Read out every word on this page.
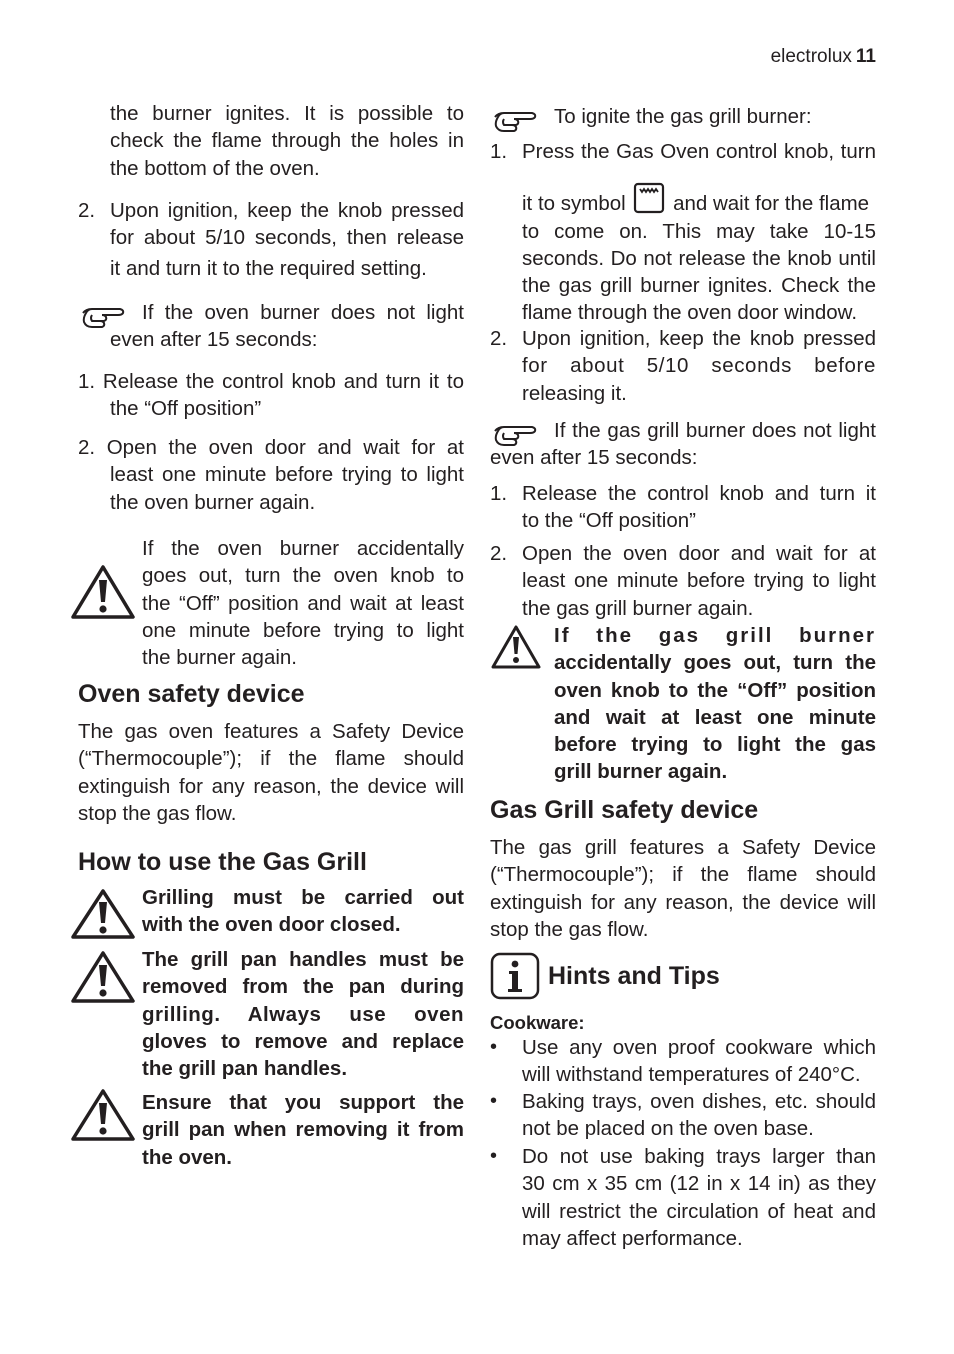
electrolux 11
the burner ignites. It is possible to
check the flame through the holes in
the bottom of the oven.
2. Upon ignition, keep the knob pressed
for about 5/10 seconds, then release
it and turn it to the required setting.
If the oven burner does not light
even after 15 seconds:
1. Release the control knob and turn it to
the “Off position”
2. Open the oven door and wait for at
least one minute before trying to light
the oven burner again.
If the oven burner accidentally
goes out, turn the oven knob to
the “Off” position and wait at least
one minute before trying to light
the burner again.
Oven safety device
The gas oven features a Safety Device
(“Thermocouple”); if the flame should
extinguish for any reason, the device will
stop the gas flow.
How to use the Gas Grill
Grilling must be carried out
with the oven door closed.
The grill pan handles must be
removed from the pan during
grilling. Always use oven
gloves to remove and replace
the grill pan handles.
Ensure that you support the
grill pan when removing it from
the oven.
To ignite the gas grill burner:
1. Press the Gas Oven control knob, turn
it to symbol and wait for the flame
to come on. This may take 10-15
seconds. Do not release the knob until
the gas grill burner ignites. Check the
flame through the oven door window.
2. Upon ignition, keep the knob pressed
for about 5/10 seconds before
releasing it.
If the gas grill burner does not light
even after 15 seconds:
1. Release the control knob and turn it
to the “Off position”
2. Open the oven door and wait for at
least one minute before trying to light
the gas grill burner again.
If the gas grill burner
accidentally goes out, turn the
oven knob to the “Off” position
and wait at least one minute
before trying to light the gas
grill burner again.
Gas Grill safety device
The gas grill features a Safety Device
(“Thermocouple”); if the flame should
extinguish for any reason, the device will
stop the gas flow.
Hints and Tips
Cookware:
• Use any oven proof cookware which
will withstand temperatures of 240°C.
• Baking trays, oven dishes, etc. should
not be placed on the oven base.
• Do not use baking trays larger than
30 cm x 35 cm (12 in x 14 in) as they
will restrict the circulation of heat and
may affect performance.
